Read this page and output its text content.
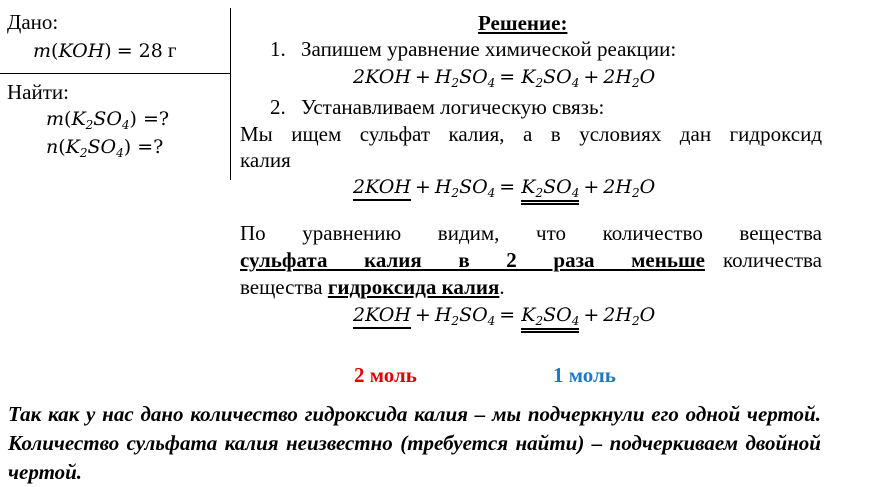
Дано:
m(KOH) = 28 г
Найти:
$m(K_2SO_4)$ =?
$n(K_2SO_4)$ =?
Решение:
1. Запишем уравнение химической реакции:
$2KOH + H_2SO_4 = K_2SO_4 + 2H_2O$
2. Устанавливаем логическую связь:
Мы ищем сульфат калия, а в условиях дан гидроксид
калия
$2KOH + H_2SO_4 = K_2SO_4 + 2H_2O$
По уравнению видим, что количество вещества
сульфата калия в 2 раза меньше количества
вещества гидроксида калия.
$2KOH + H_2SO_4 = K_2SO_4 + 2H_2O$
2 моль	1 моль
Так как у нас дано количество гидроксида калия – мы подчеркнули его одной чертой. Количество сульфата калия неизвестно (требуется найти) – подчеркиваем двойной чертой.
